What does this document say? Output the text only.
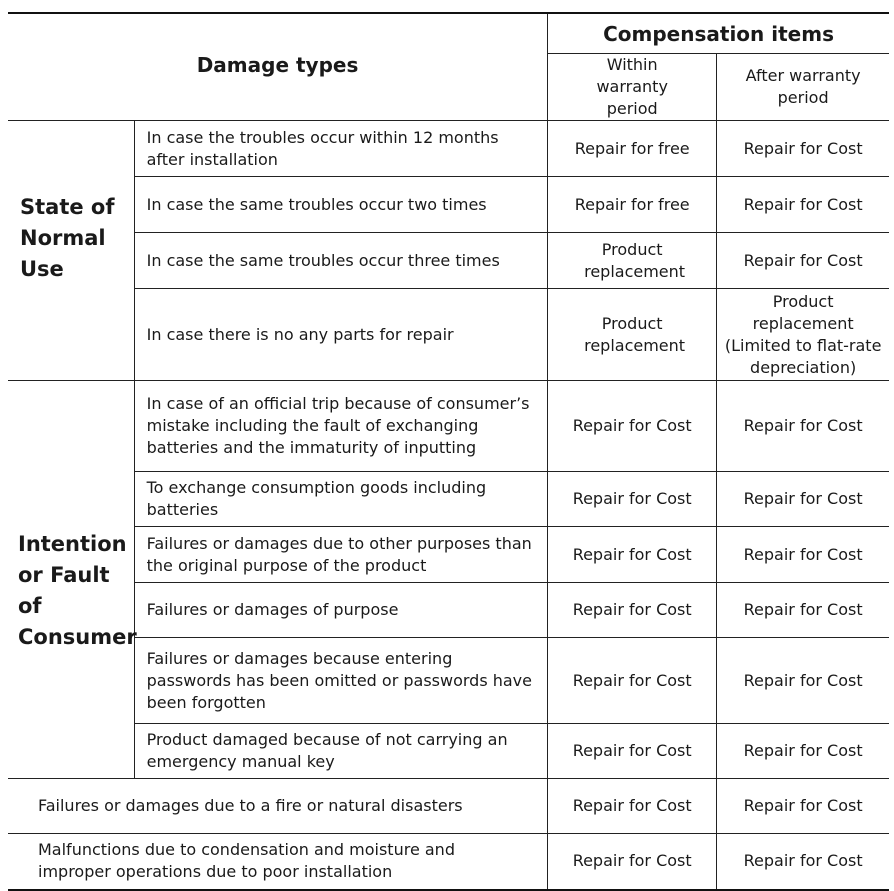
Damage types		Compensation items	
		Within warranty period	After warranty period
State of Normal Use	In case the troubles occur within 12 months after installation	Repair for free	Repair for Cost
	In case the same troubles occur two times	Repair for free	Repair for Cost
	In case the same troubles occur three times	Product replacement	Repair for Cost
	In case there is no any parts for repair	Product replacement	Product replacement (Limited to flat-rate depreciation)
Intention or Fault of Consumer	In case of an official trip because of consumer’s mistake including the fault of exchanging batteries and the immaturity of inputting	Repair for Cost	Repair for Cost
	To exchange consumption goods including batteries	Repair for Cost	Repair for Cost
	Failures or damages due to other purposes than the original purpose of the product	Repair for Cost	Repair for Cost
	Failures or damages of purpose	Repair for Cost	Repair for Cost
	Failures or damages because entering passwords has been omitted or passwords have been forgotten	Repair for Cost	Repair for Cost
	Product damaged because of not carrying an emergency manual key	Repair for Cost	Repair for Cost
Failures or damages due to a fire or natural disasters		Repair for Cost	Repair for Cost
Malfunctions due to condensation and moisture and improper operations due to poor installation		Repair for Cost	Repair for Cost
